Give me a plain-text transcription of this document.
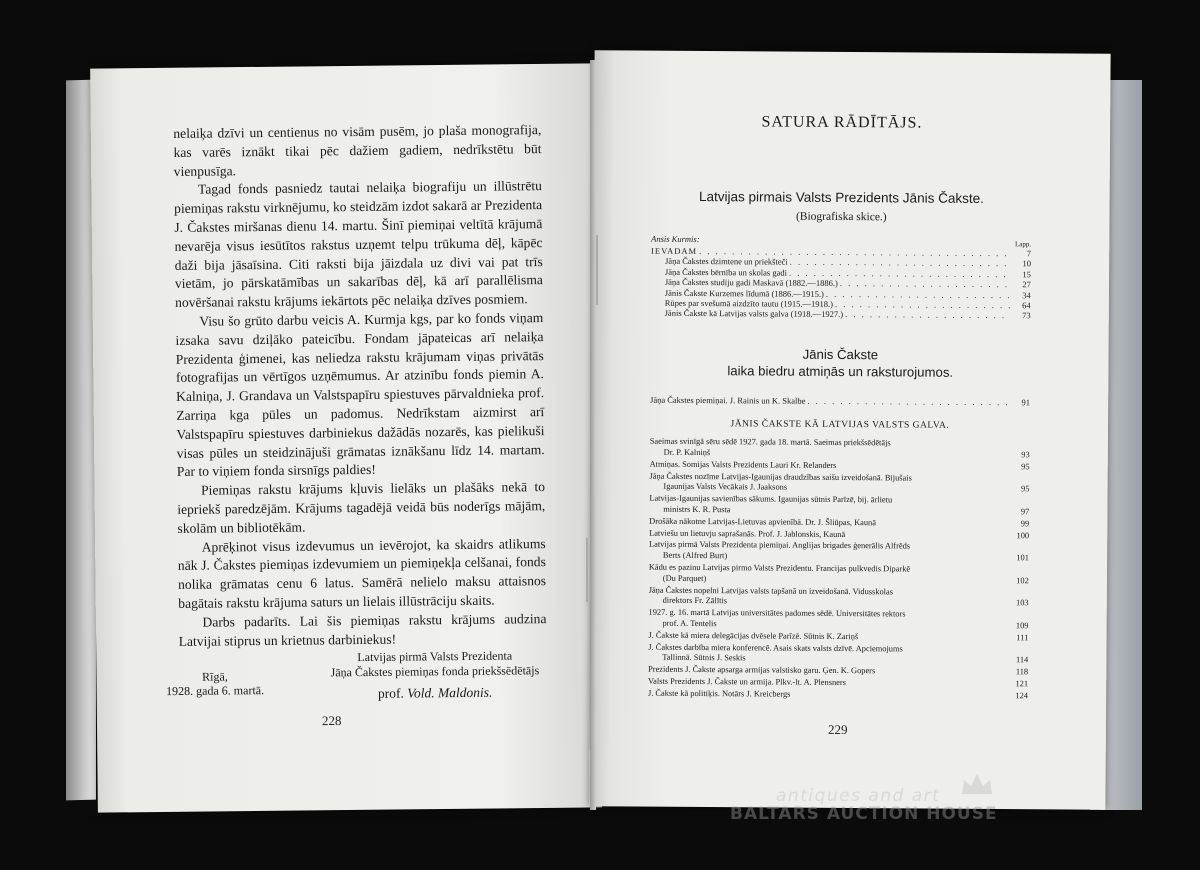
nelaiķa dzīvi un centienus no visām pusēm, jo plaša monografija, kas varēs iznākt tikai pēc dažiem gadiem, nedrīkstētu būt vienpusīga.

Tagad fonds pasniedz tautai nelaiķa biografiju un illūstrētu piemiņas rakstu virknējumu, ko steidzām izdot sakarā ar Prezidenta J. Čakstes miršanas dienu 14. martu. Šinī piemiņai veltītā krājumā nevarēja visus iesūtītos rakstus uzņemt telpu trūkuma dēļ, kāpēc daži bija jāsaīsina. Citi raksti bija jāizdala uz divi vai pat trīs vietām, jo pārskatāmības un sakarības dēļ, kā arī parallēlisma novēršanai rakstu krājums iekārtots pēc nelaiķa dzīves posmiem.

Visu šo grūto darbu veicis A. Kurmja kgs, par ko fonds viņam izsaka savu dziļāko pateicību. Fondam jāpateicas arī nelaiķa Prezidenta ģimenei, kas neliedza rakstu krājumam viņas privātās fotografijas un vērtīgos uzņēmumus. Ar atzinību fonds piemin A. Kalniņa, J. Grandava un Valstspapīru spiestuves pārvaldnieka prof. Zarriņa kga pūles un padomus. Nedrīkstam aizmirst arī Valstspapīru spiestuves darbiniekus dažādās nozarēs, kas pielikuši visas pūles un steidzinājuši grāmatas iznākšanu līdz 14. martam. Par to viņiem fonda sirsnīgs paldies!

Piemiņas rakstu krājums kļuvis lielāks un plašāks nekā to iepriekš paredzējām. Krājums tagadējā veidā būs noderīgs mājām, skolām un bibliotēkām.

Aprēķinot visus izdevumus un ievērojot, ka skaidrs atlikums nāk J. Čakstes piemiņas izdevumiem un piemiņekļa celšanai, fonds nolika grāmatas cenu 6 latus. Samērā nelielo maksu attaisnos bagātais rakstu krājuma saturs un lielais illūstrāciju skaits.

Darbs padarīts. Lai šis piemiņas rakstu krājums audzina Latvijai stiprus un krietnus darbiniekus!

Rīgā,
1928. gada 6. martā.
Latvijas pirmā Valsts Prezidenta
Jāņa Čakstes piemiņas fonda priekšsēdētājs
prof. Vold. Maldonis.
228
SATURA RĀDĪTĀJS.
Latvijas pirmais Valsts Prezidents Jānis Čakste.
(Biografiska skice.)
Ansis Kurmis:
Lapp.
IEVADAM . . .	7
Jāņa Čakstes dzimtene un priekšteči . . .	10
Jāņa Čakstes bērnība un skolas gadi . . .	15
Jāņa Čakstes studiju gadi Maskavā (1882.—1886.) . . .	27
Jānis Čakste Kurzemes līdumā (1886.—1915.) . . .	34
Rūpes par svešumā aizdzīto tautu (1915.—1918.) . . .	64
Jānis Čakste kā Latvijas valsts galva (1918.—1927.) . . .	73
Jānis Čakste
laika biedru atmiņās un raksturojumos.
Jāņa Čakstes piemiņai. J. Rainis un K. Skalbe . . .	91
JĀNIS ČAKSTE KĀ LATVIJAS VALSTS GALVA.
Saeimas svinīgā sēru sēdē 1927. gada 18. martā. Saeimas priekšsēdētājs
Dr. P. Kalniņš	93
Atmiņas. Somijas Valsts Prezidents Lauri Kr. Relanders	95
Jāņa Čakstes nozīme Latvijas-Igaunijas draudzības saišu izveidošanā. Bijušais
Igaunijas Valsts Vecākais J. Jaaksons	95
Latvijas-Igaunijas savienības sākums. Igaunijas sūtnis Parīzē, bij. ārlietu
ministrs K. R. Pusta	97
Drošāka nākotne Latvijas-Lietuvas apvienībā. Dr. J. Šliūpas, Kaunā	99
Latviešu un lietuvju saprašanās. Prof. J. Jablonskis, Kaunā	100
Latvijas pirmā Valsts Prezidenta piemiņai. Anglijas brigades ģenerālis Alfrēds
Berts (Alfred Burt)	101
Kādu es pazinu Latvijas pirmo Valsts Prezidentu. Francijas pulkvedis Diparkē
(Du Parquet)	102
Jāņa Čakstes nopelni Latvijas valsts tapšanā un izveidošanā. Vidusskolas
direktors Fr. Zālītis	103
1927. g. 16. martā Latvijas universitātes padomes sēdē. Universitātes rektors
prof. A. Tentelis	109
J. Čakste kā miera delegācijas dvēsele Parīzē. Sūtnis K. Zariņš	111
J. Čakstes darbība miera konferencē. Asais skats valsts dzīvē. Apciemojums
Tallinnā. Sūtnis J. Seskis	114
Prezidents J. Čakste apsarga armijas valstisko garu. Ģen. K. Gopers	118
Valsts Prezidents J. Čakste un armija. Plkv.-lt. A. Plensners	121
J. Čakste kā politiķis. Notārs J. Kreicbergs	124
229
antiques and art
BALTARS AUCTION HOUSE
